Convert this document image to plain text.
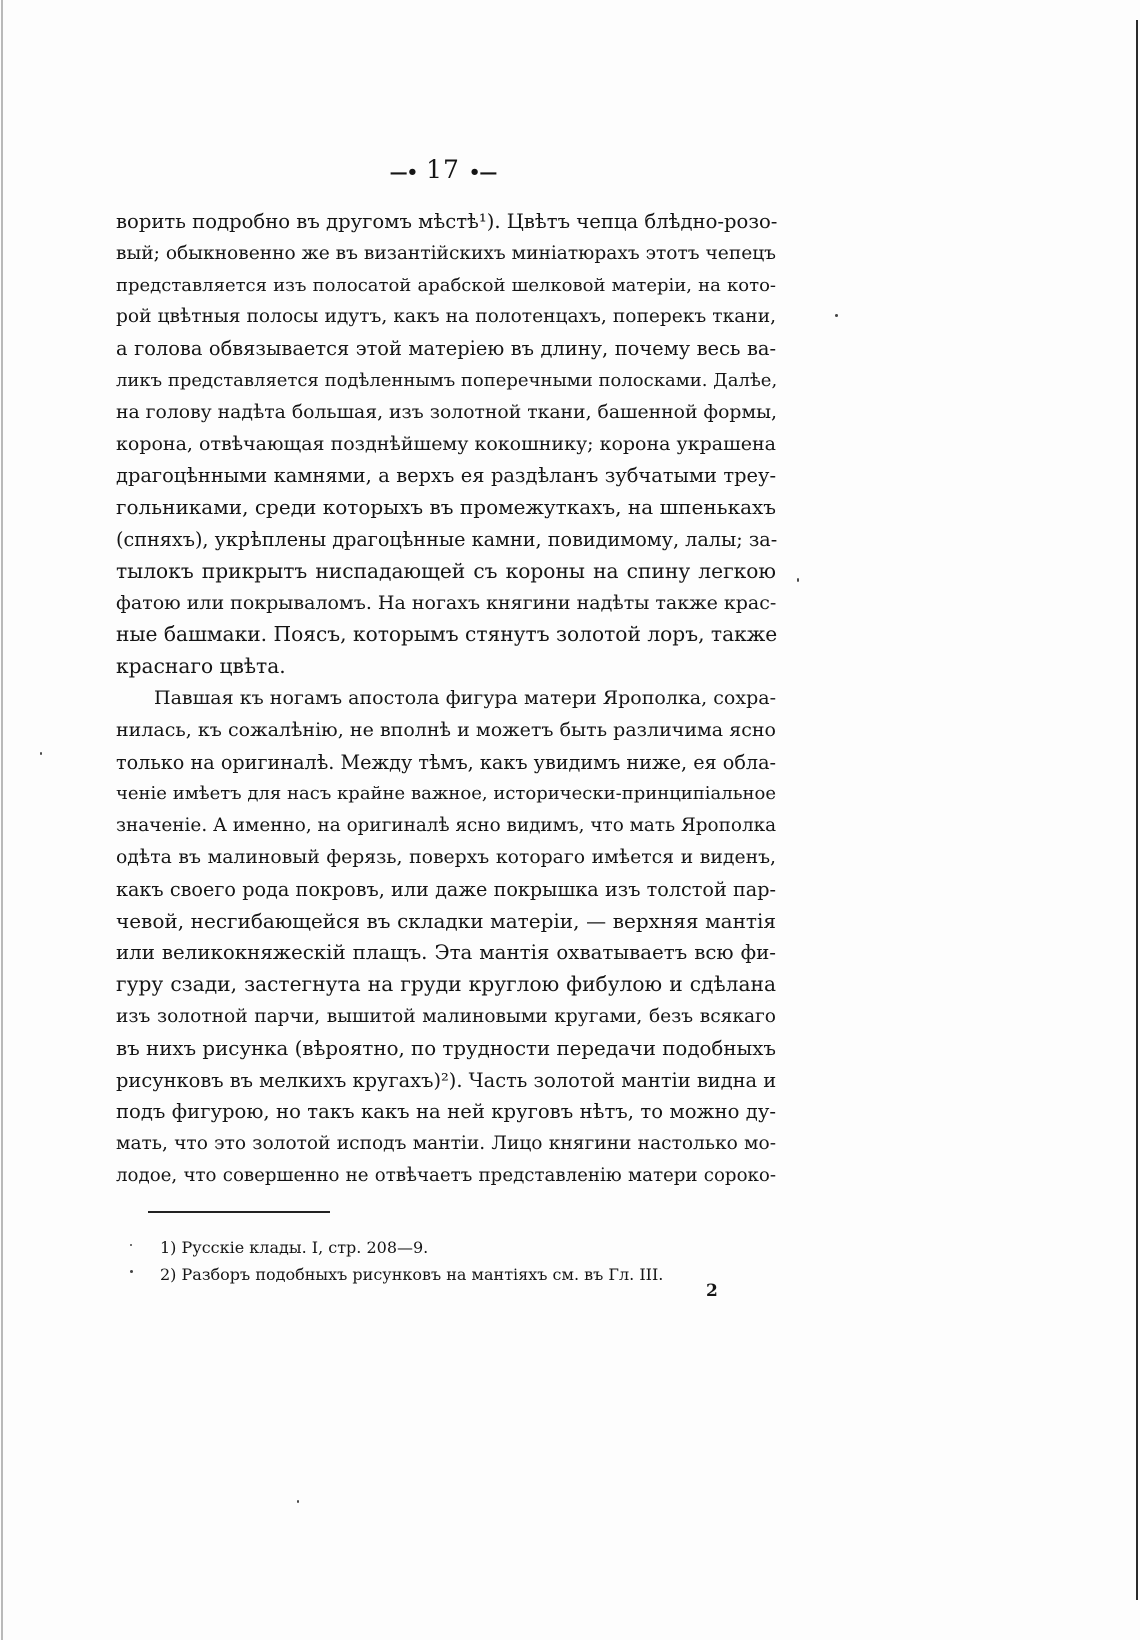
—• 17 •—
ворить подробно въ другомъ мѣстѣ¹). Цвѣтъ чепца блѣдно-розо-
вый; обыкновенно же въ византійскихъ миніатюрахъ этотъ чепецъ
представляется изъ полосатой арабской шелковой матеріи, на кото-
рой цвѣтныя полосы идутъ, какъ на полотенцахъ, поперекъ ткани,
а голова обвязывается этой матеріею въ длину, почему весь ва-
ликъ представляется подѣленнымъ поперечными полосками. Далѣе,
на голову надѣта большая, изъ золотной ткани, башенной формы,
корона, отвѣчающая позднѣйшему кокошнику; корона украшена
драгоцѣнными камнями, а верхъ ея раздѣланъ зубчатыми треу-
гольниками, среди которыхъ въ промежуткахъ, на шпенькахъ
(спняхъ), укрѣплены драгоцѣнные камни, повидимому, лалы; за-
тылокъ прикрытъ ниспадающей съ короны на спину легкою
фатою или покрываломъ. На ногахъ княгини надѣты также крас-
ные башмаки. Поясъ, которымъ стянутъ золотой лоръ, также
краснаго цвѣта.
Павшая къ ногамъ апостола фигура матери Ярополка, сохра-
нилась, къ сожалѣнію, не вполнѣ и можетъ быть различима ясно
только на оригиналѣ. Между тѣмъ, какъ увидимъ ниже, ея обла-
ченіе имѣетъ для насъ крайне важное, исторически-принципіальное
значеніе. А именно, на оригиналѣ ясно видимъ, что мать Ярополка
одѣта въ малиновый ферязь, поверхъ котораго имѣется и виденъ,
какъ своего рода покровъ, или даже покрышка изъ толстой пар-
чевой, несгибающейся въ складки матеріи, — верхняя мантія
или великокняжескій плащъ. Эта мантія охватываетъ всю фи-
гуру сзади, застегнута на груди круглою фибулою и сдѣлана
изъ золотной парчи, вышитой малиновыми кругами, безъ всякаго
въ нихъ рисунка (вѣроятно, по трудности передачи подобныхъ
рисунковъ въ мелкихъ кругахъ)²). Часть золотой мантіи видна и
подъ фигурою, но такъ какъ на ней круговъ нѣтъ, то можно ду-
мать, что это золотой исподъ мантіи. Лицо княгини настолько мо-
лодое, что совершенно не отвѣчаетъ представленію матери сороко-
1) Русскіе клады. I, стр. 208—9.
2) Разборъ подобныхъ рисунковъ на мантіяхъ см. въ Гл. III.
2
